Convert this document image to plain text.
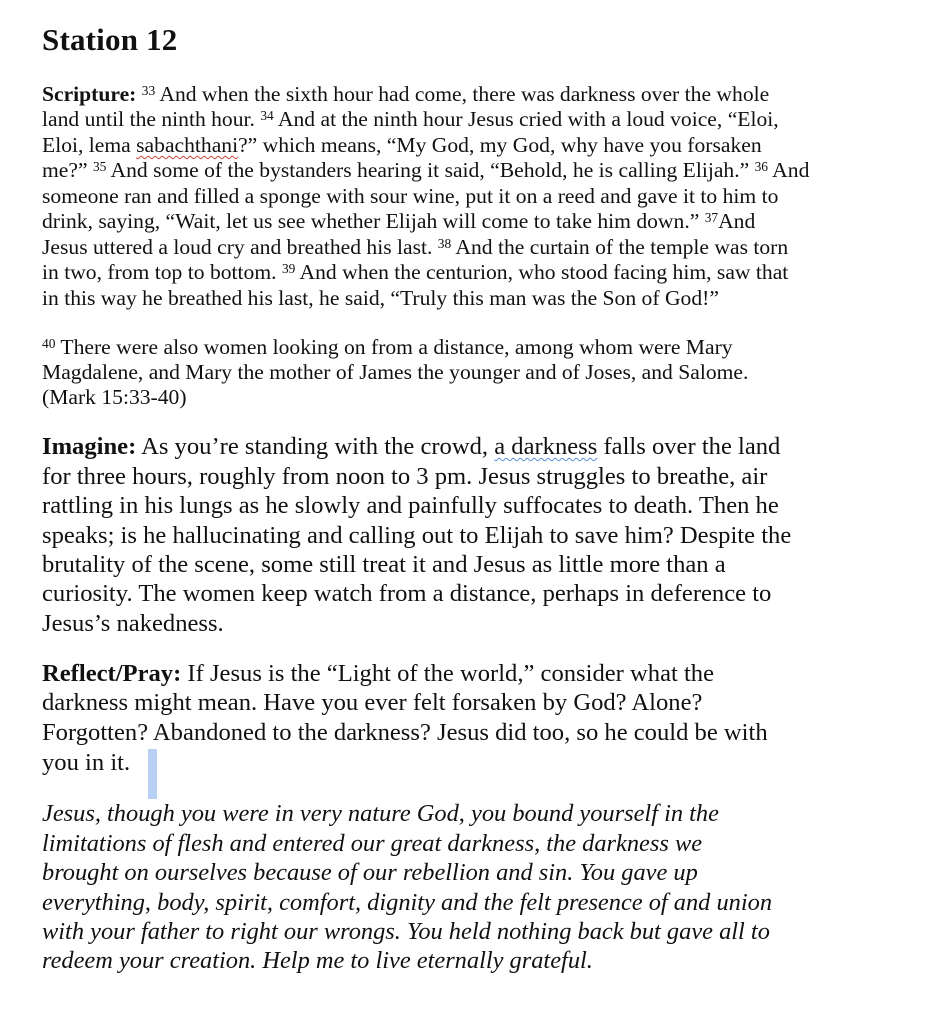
Station 12
Scripture: $^{33}$ And when the sixth hour had come, there was darkness over the whole
land until the ninth hour. $^{34}$ And at the ninth hour Jesus cried with a loud voice, “Eloi,
Eloi, lema sabachthani?” which means, “My God, my God, why have you forsaken
me?” $^{35}$ And some of the bystanders hearing it said, “Behold, he is calling Elijah.” $^{36}$ And
someone ran and filled a sponge with sour wine, put it on a reed and gave it to him to
drink, saying, “Wait, let us see whether Elijah will come to take him down.” $^{37}$And
Jesus uttered a loud cry and breathed his last. $^{38}$ And the curtain of the temple was torn
in two, from top to bottom. $^{39}$ And when the centurion, who stood facing him, saw that
in this way he breathed his last, he said, “Truly this man was the Son of God!”
$^{40}$ There were also women looking on from a distance, among whom were Mary
Magdalene, and Mary the mother of James the younger and of Joses, and Salome.
(Mark 15:33-40)
Imagine: As you’re standing with the crowd, a darkness falls over the land
for three hours, roughly from noon to 3 pm. Jesus struggles to breathe, air
rattling in his lungs as he slowly and painfully suffocates to death. Then he
speaks; is he hallucinating and calling out to Elijah to save him? Despite the
brutality of the scene, some still treat it and Jesus as little more than a
curiosity. The women keep watch from a distance, perhaps in deference to
Jesus’s nakedness.
Reflect/Pray: If Jesus is the “Light of the world,” consider what the
darkness might mean. Have you ever felt forsaken by God? Alone?
Forgotten? Abandoned to the darkness? Jesus did too, so he could be with
you in it.
Jesus, though you were in very nature God, you bound yourself in the
limitations of flesh and entered our great darkness, the darkness we
brought on ourselves because of our rebellion and sin. You gave up
everything, body, spirit, comfort, dignity and the felt presence of and union
with your father to right our wrongs. You held nothing back but gave all to
redeem your creation. Help me to live eternally grateful.
